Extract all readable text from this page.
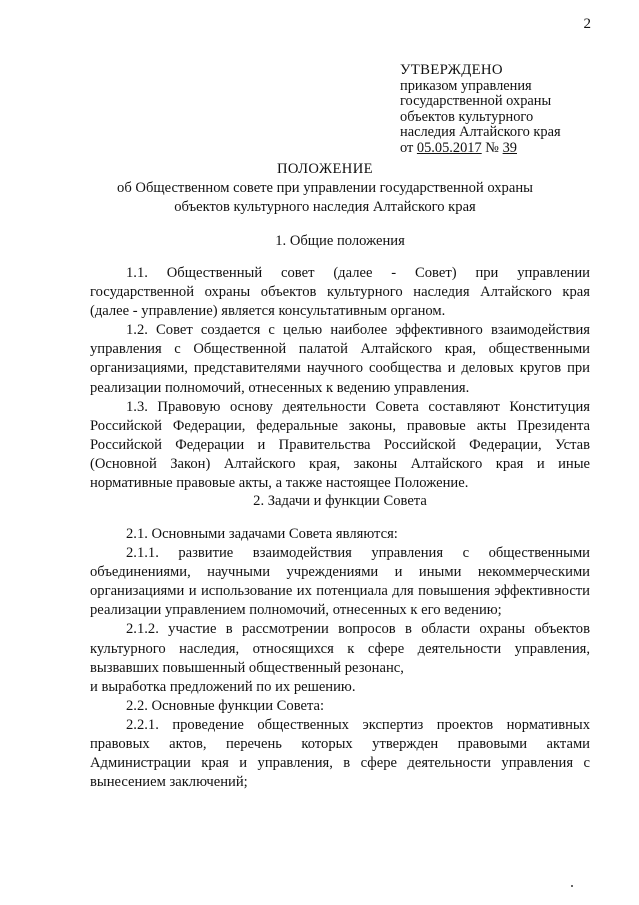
2
УТВЕРЖДЕНО
приказом управления
государственной охраны
объектов культурного
наследия Алтайского края
от 05.05.2017 № 39
ПОЛОЖЕНИЕ
об Общественном совете при управлении государственной охраны
объектов культурного наследия Алтайского края
1. Общие положения

1.1. Общественный совет (далее - Совет) при управлении государственной охраны объектов культурного наследия Алтайского края (далее - управление) является консультативным органом.

1.2. Совет создается с целью наиболее эффективного взаимодействия управления с Общественной палатой Алтайского края, общественными организациями, представителями научного сообщества и деловых кругов при реализации полномочий, отнесенных к ведению управления.

1.3. Правовую основу деятельности Совета составляют Конституция Российской Федерации, федеральные законы, правовые акты Президента Российской Федерации и Правительства Российской Федерации, Устав (Основной Закон) Алтайского края, законы Алтайского края и иные нормативные правовые акты, а также настоящее Положение.

2. Задачи и функции Совета

2.1. Основными задачами Совета являются:

2.1.1. развитие взаимодействия управления с общественными объединениями, научными учреждениями и иными некоммерческими организациями и использование их потенциала для повышения эффективности реализации управлением полномочий, отнесенных к его ведению;

2.1.2. участие в рассмотрении вопросов в области охраны объектов культурного наследия, относящихся к сфере деятельности управления, вызвавших повышенный общественный резонанс,

и выработка предложений по их решению.

2.2. Основные функции Совета:

2.2.1. проведение общественных экспертиз проектов нормативных правовых актов, перечень которых утвержден правовыми актами Администрации края и управления, в сфере деятельности управления с вынесением заключений;
